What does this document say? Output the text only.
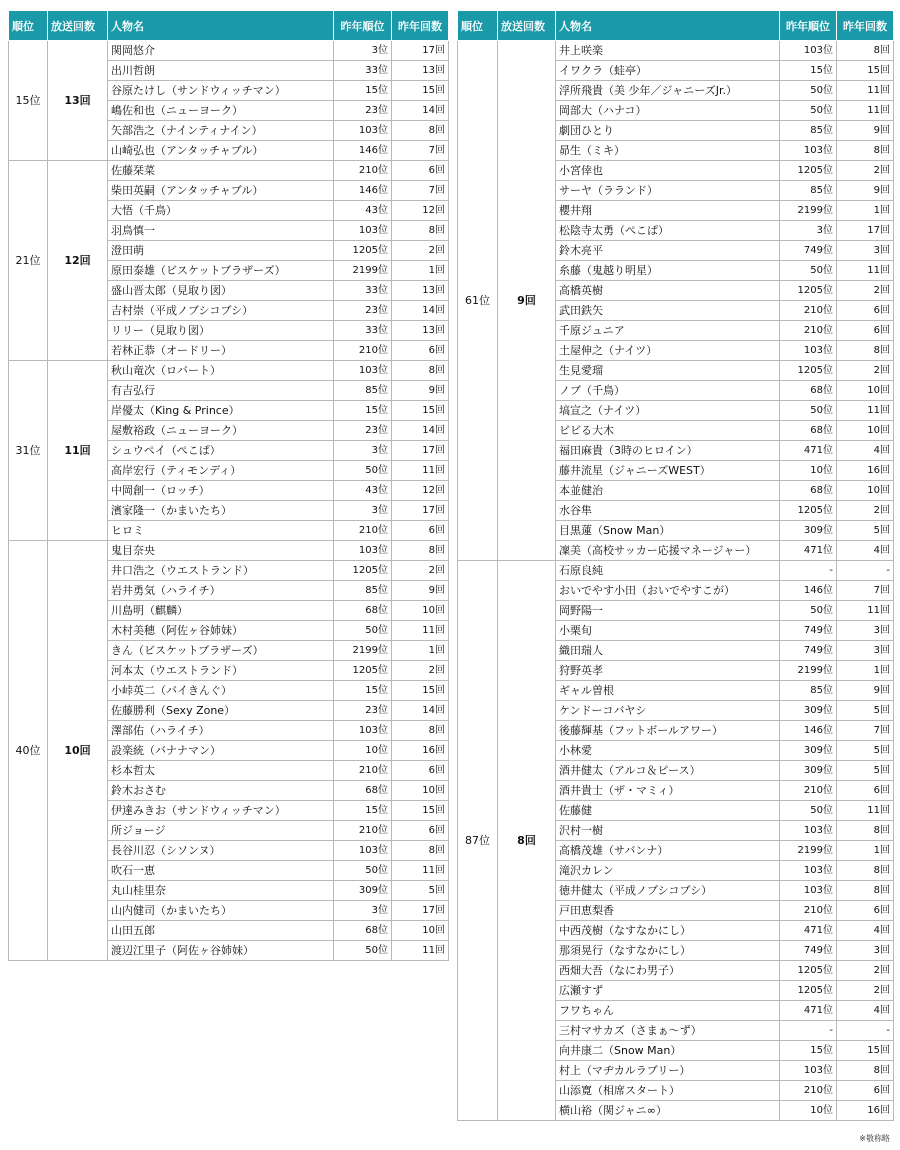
順位	放送回数	人物名	昨年順位	昨年回数
15位	13回	関岡悠介	3位	17回
		出川哲朗	33位	13回
		谷原たけし（サンドウィッチマン）	15位	15回
		嶋佐和也（ニューヨーク）	23位	14回
		矢部浩之（ナインティナイン）	103位	8回
		山崎弘也（アンタッチャブル）	146位	7回
21位	12回	佐藤栞菜	210位	6回
		柴田英嗣（アンタッチャブル）	146位	7回
		大悟（千鳥）	43位	12回
		羽鳥慎一	103位	8回
		澄田萌	1205位	2回
		原田泰雄（ビスケットブラザーズ）	2199位	1回
		盛山晋太郎（見取り図）	33位	13回
		吉村崇（平成ノブシコブシ）	23位	14回
		リリー（見取り図）	33位	13回
		若林正恭（オードリー）	210位	6回
31位	11回	秋山竜次（ロバート）	103位	8回
		有吉弘行	85位	9回
		岸優太（King & Prince）	15位	15回
		屋敷裕政（ニューヨーク）	23位	14回
		シュウペイ（ぺこぱ）	3位	17回
		高岸宏行（ティモンディ）	50位	11回
		中岡創一（ロッチ）	43位	12回
		濱家隆一（かまいたち）	3位	17回
		ヒロミ	210位	6回
40位	10回	鬼目奈央	103位	8回
		井口浩之（ウエストランド）	1205位	2回
		岩井勇気（ハライチ）	85位	9回
		川島明（麒麟）	68位	10回
		木村美穂（阿佐ヶ谷姉妹）	50位	11回
		きん（ビスケットブラザーズ）	2199位	1回
		河本太（ウエストランド）	1205位	2回
		小峠英二（バイきんぐ）	15位	15回
		佐藤勝利（Sexy Zone）	23位	14回
		澤部佑（ハライチ）	103位	8回
		設楽統（バナナマン）	10位	16回
		杉本哲太	210位	6回
		鈴木おさむ	68位	10回
		伊達みきお（サンドウィッチマン）	15位	15回
		所ジョージ	210位	6回
		長谷川忍（シソンヌ）	103位	8回
		吹石一恵	50位	11回
		丸山桂里奈	309位	5回
		山内健司（かまいたち）	3位	17回
		山田五郎	68位	10回
		渡辺江里子（阿佐ヶ谷姉妹）	50位	11回
順位	放送回数	人物名	昨年順位	昨年回数
61位	9回	井上咲楽	103位	8回
		イワクラ（蛙亭）	15位	15回
		浮所飛貴（美 少年／ジャニーズJr.）	50位	11回
		岡部大（ハナコ）	50位	11回
		劇団ひとり	85位	9回
		昴生（ミキ）	103位	8回
		小宮倖也	1205位	2回
		サーヤ（ラランド）	85位	9回
		櫻井翔	2199位	1回
		松陰寺太勇（ぺこぱ）	3位	17回
		鈴木亮平	749位	3回
		糸藤（鬼越り明星）	50位	11回
		高橋英樹	1205位	2回
		武田鉄矢	210位	6回
		千原ジュニア	210位	6回
		土屋伸之（ナイツ）	103位	8回
		生見愛瑠	1205位	2回
		ノブ（千鳥）	68位	10回
		塙宣之（ナイツ）	50位	11回
		ビビる大木	68位	10回
		福田麻貴（3時のヒロイン）	471位	4回
		藤井流星（ジャニーズWEST）	10位	16回
		本並健治	68位	10回
		水谷隼	1205位	2回
		目黒蓮（Snow Man）	309位	5回
		凜美（高校サッカー応援マネージャー）	471位	4回
87位	8回	石原良純	-	-
		おいでやす小田（おいでやすこが）	146位	7回
		岡野陽一	50位	11回
		小栗旬	749位	3回
		織田瑞人	749位	3回
		狩野英孝	2199位	1回
		ギャル曽根	85位	9回
		ケンドーコバヤシ	309位	5回
		後藤輝基（フットボールアワー）	146位	7回
		小林愛	309位	5回
		酒井健太（アルコ＆ピース）	309位	5回
		酒井貴士（ザ・マミィ）	210位	6回
		佐藤健	50位	11回
		沢村一樹	103位	8回
		高橋茂雄（サバンナ）	2199位	1回
		滝沢カレン	103位	8回
		徳井健太（平成ノブシコブシ）	103位	8回
		戸田恵梨香	210位	6回
		中西茂樹（なすなかにし）	471位	4回
		那須晃行（なすなかにし）	749位	3回
		西畑大吾（なにわ男子）	1205位	2回
		広瀬すず	1205位	2回
		フワちゃん	471位	4回
		三村マサカズ（さまぁ～ず）	-	-
		向井康二（Snow Man）	15位	15回
		村上（マヂカルラブリー）	103位	8回
		山添寛（相席スタート）	210位	6回
		横山裕（関ジャニ∞）	10位	16回
※敬称略
